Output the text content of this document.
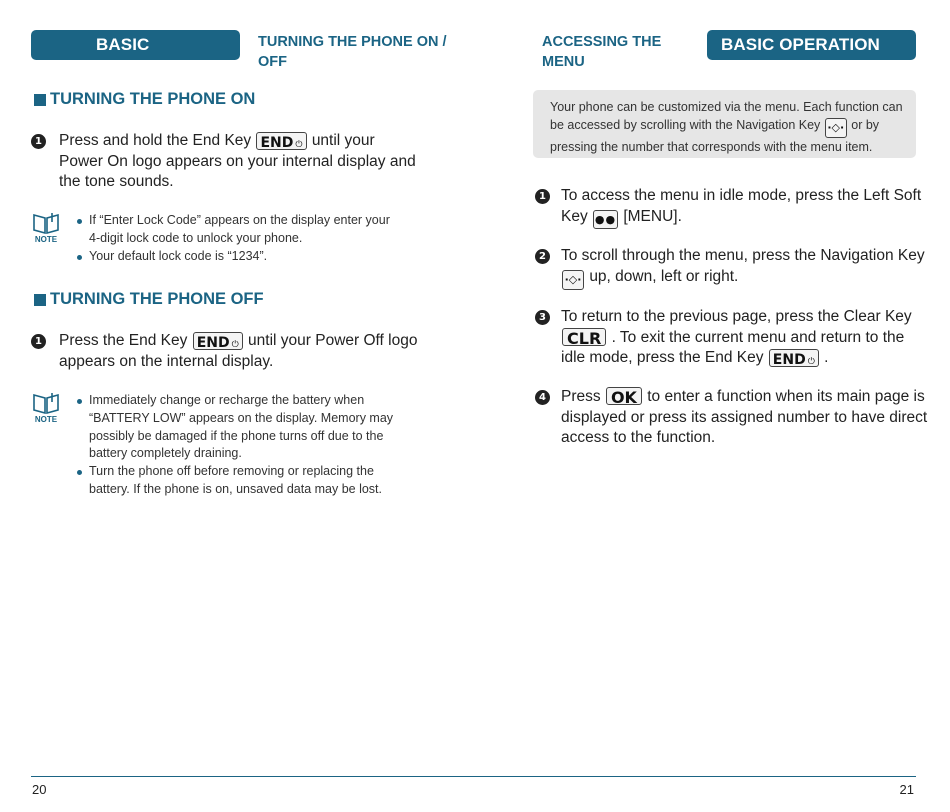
BASIC OPERATION
TURNING THE PHONE ON / OFF
TURNING THE PHONE ON
1 Press and hold the End Key END ⏻ until your Power On logo appears on your internal display and the tone sounds.
NOTE
If “Enter Lock Code” appears on the display enter your 4-digit lock code to unlock your phone.
Your default lock code is “1234”.
TURNING THE PHONE OFF
1 Press the End Key END ⏻ until your Power Off logo appears on the internal display.
NOTE
Immediately change or recharge the battery when “BATTERY LOW” appears on the display. Memory may possibly be damaged if the phone turns off due to the battery completely draining.
Turn the phone off before removing or replacing the battery. If the phone is on, unsaved data may be lost.
20
ACCESSING THE MENU
BASIC OPERATION
Your phone can be customized via the menu. Each function can be accessed by scrolling with the Navigation Key ·◇· or by pressing the number that corresponds with the menu item.
1 To access the menu in idle mode, press the Left Soft Key ●● [MENU].
2 To scroll through the menu, press the Navigation Key ·◇· up, down, left or right.
3 To return to the previous page, press the Clear Key CLR . To exit the current menu and return to the idle mode, press the End Key END ⏻ .
4 Press OK to enter a function when its main page is displayed or press its assigned number to have direct access to the function.
21
